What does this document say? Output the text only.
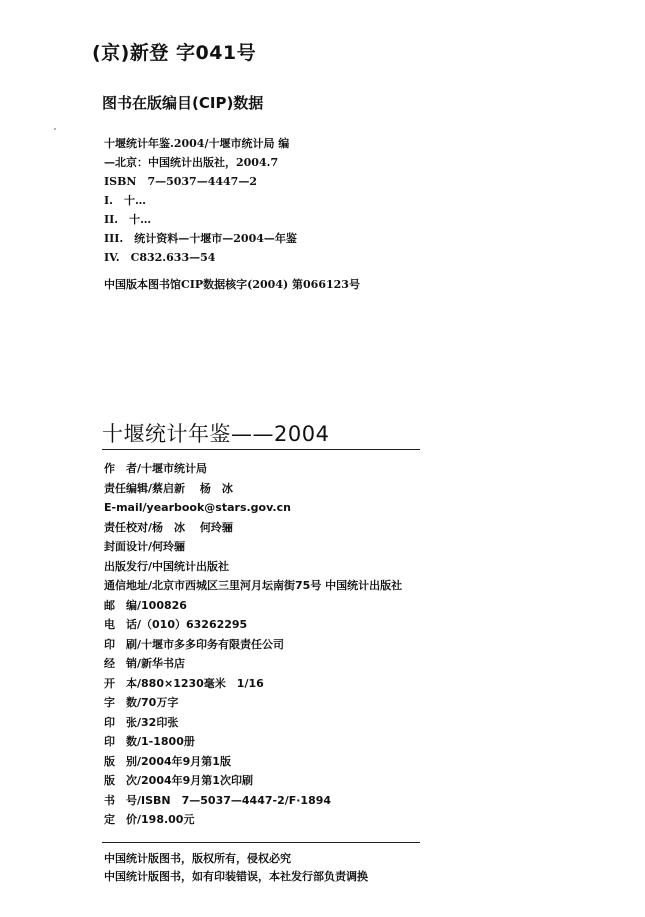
(京)新登 字041号
图书在版编目(CIP)数据
十堰统计年鉴.2004/十堰市统计局 编
—北京：中国统计出版社，2004.7
ISBN　7—5037—4447—2
I.　十…
II.　十…
III.　统计资料—十堰市—2004—年鉴
IV.　C832.633—54
中国版本图书馆CIP数据核字(2004) 第066123号
十堰统计年鉴——2004
作 　者 /十堰市统计局
责任编辑 /蔡启新　 杨　冰
E-mail/yearbook@stars.gov.cn
责任校对 /杨　冰　 何玲骊
封面设计 /何玲骊
出版发行 /中国统计出版社
通信地址 /北京市西城区三里河月坛南街75号 中国统计出版社
邮 　编 /100826
电 　话 /（010）63262295
印 　刷 /十堰市多多印务有限责任公司
经 　销 /新华书店
开 　本 /880×1230毫米　1/16
字 　数 /70万字
印 　张 /32印张
印 　数 /1-1800册
版 　别 /2004年9月第1版
版 　次 /2004年9月第1次印刷
书 　号 /ISBN　7—5037—4447-2/F·1894
定 　价 /198.00元
中国统计版图书，版权所有，侵权必究
中国统计版图书，如有印装错误，本社发行部负责调换
